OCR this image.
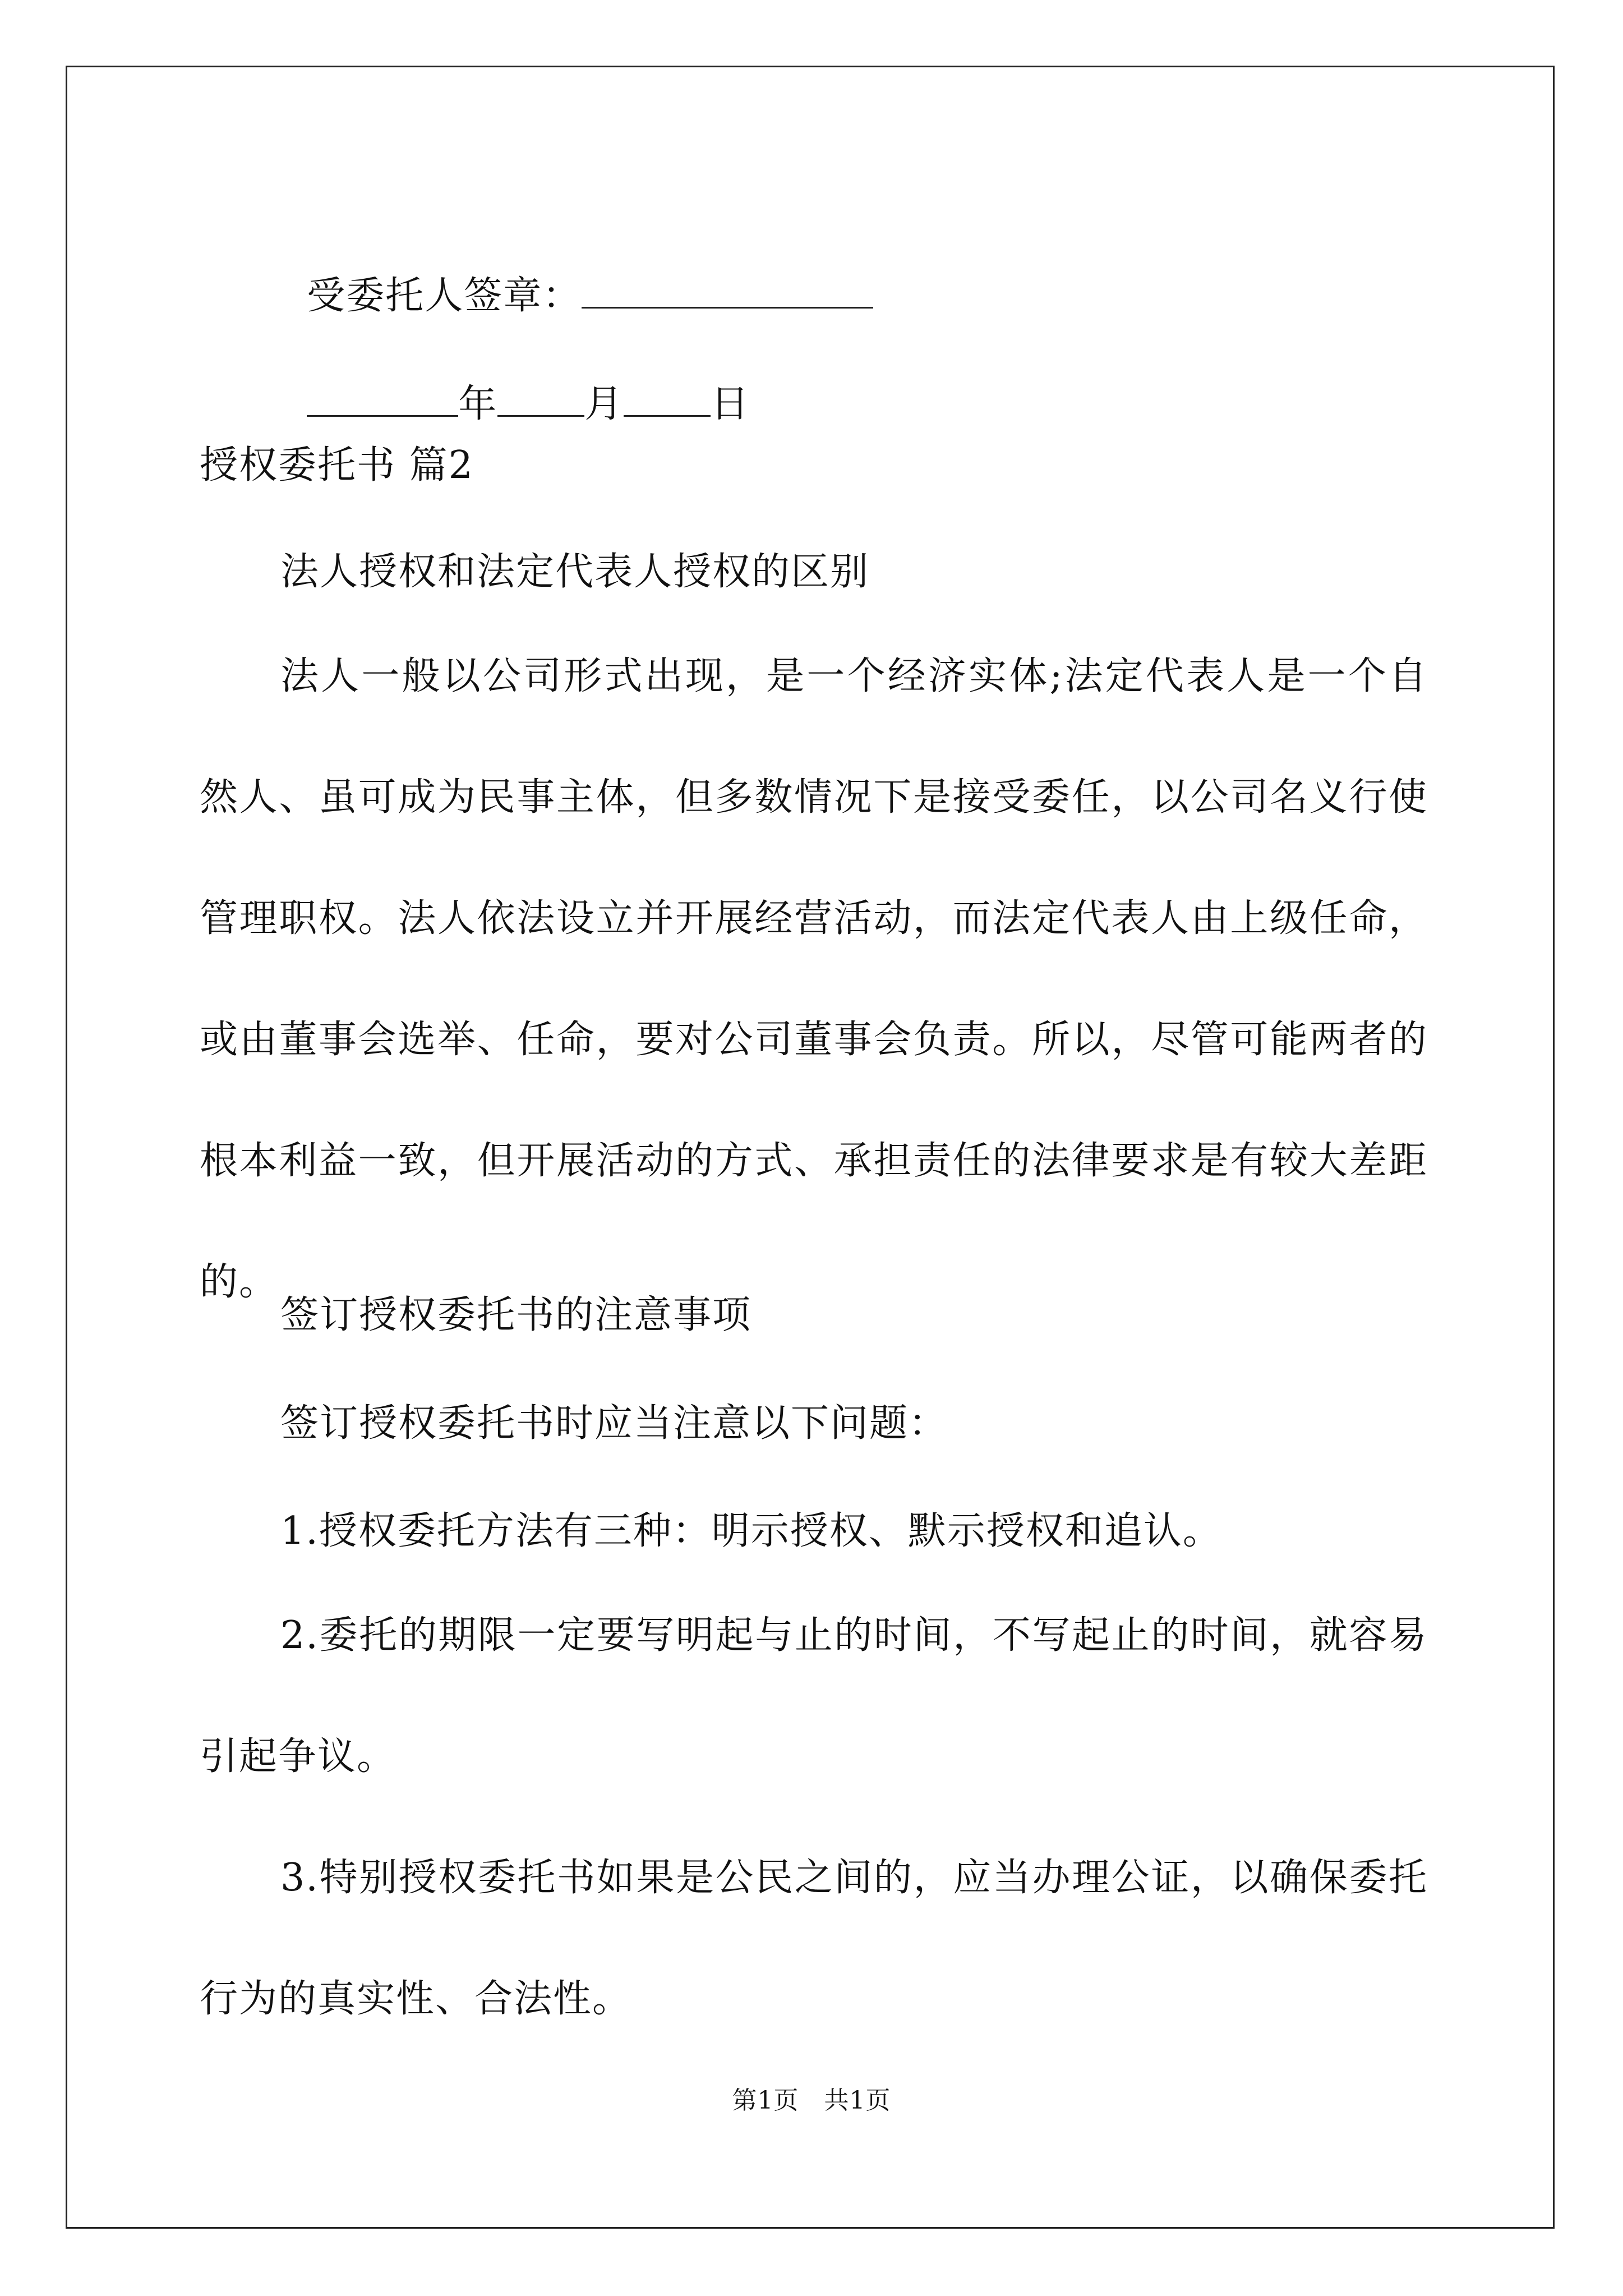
受委托人签章：

年 月 日

授权委托书 篇2
法人授权和法定代表人授权的区别

法人一般以公司形式出现，是一个经济实体;法定代表人是一个自然人、虽可成为民事主体，但多数情况下是接受委任，以公司名义行使管理职权。法人依法设立并开展经营活动，而法定代表人由上级任命，或由董事会选举、任命，要对公司董事会负责。所以，尽管可能两者的根本利益一致，但开展活动的方式、承担责任的法律要求是有较大差距的。

签订授权委托书的注意事项
签订授权委托书时应当注意以下问题：
1.授权委托方法有三种：明示授权、默示授权和追认。

2.委托的期限一定要写明起与止的时间，不写起止的时间，就容易引起争议。

3.特别授权委托书如果是公民之间的，应当办理公证，以确保委托行为的真实性、合法性。

第1页　共1页
